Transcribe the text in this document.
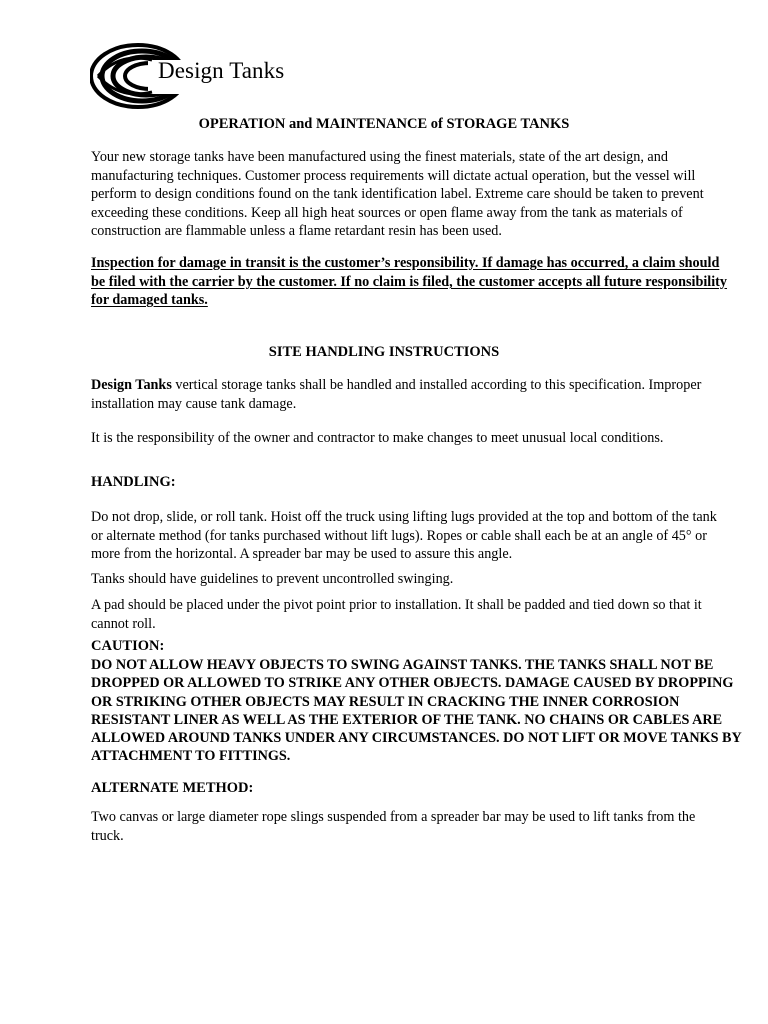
Design Tanks
OPERATION and MAINTENANCE of STORAGE TANKS
Your new storage tanks have been manufactured using the finest materials, state of the art design, and manufacturing techniques. Customer process requirements will dictate actual operation, but the vessel will perform to design conditions found on the tank identification label. Extreme care should be taken to prevent exceeding these conditions. Keep all high heat sources or open flame away from the tank as materials of construction are flammable unless a flame retardant resin has been used.
Inspection for damage in transit is the customer’s responsibility. If damage has occurred, a claim should be filed with the carrier by the customer. If no claim is filed, the customer accepts all future responsibility for damaged tanks.
SITE HANDLING INSTRUCTIONS
Design Tanks vertical storage tanks shall be handled and installed according to this specification. Improper installation may cause tank damage.
It is the responsibility of the owner and contractor to make changes to meet unusual local conditions.
HANDLING:
Do not drop, slide, or roll tank. Hoist off the truck using lifting lugs provided at the top and bottom of the tank or alternate method (for tanks purchased without lift lugs). Ropes or cable shall each be at an angle of 45° or more from the horizontal. A spreader bar may be used to assure this angle.
Tanks should have guidelines to prevent uncontrolled swinging.
A pad should be placed under the pivot point prior to installation. It shall be padded and tied down so that it cannot roll.
CAUTION:
DO NOT ALLOW HEAVY OBJECTS TO SWING AGAINST TANKS. THE TANKS SHALL NOT BE DROPPED OR ALLOWED TO STRIKE ANY OTHER OBJECTS. DAMAGE CAUSED BY DROPPING OR STRIKING OTHER OBJECTS MAY RESULT IN CRACKING THE INNER CORROSION RESISTANT LINER AS WELL AS THE EXTERIOR OF THE TANK. NO CHAINS OR CABLES ARE ALLOWED AROUND TANKS UNDER ANY CIRCUMSTANCES. DO NOT LIFT OR MOVE TANKS BY ATTACHMENT TO FITTINGS.
ALTERNATE METHOD:
Two canvas or large diameter rope slings suspended from a spreader bar may be used to lift tanks from the truck.
